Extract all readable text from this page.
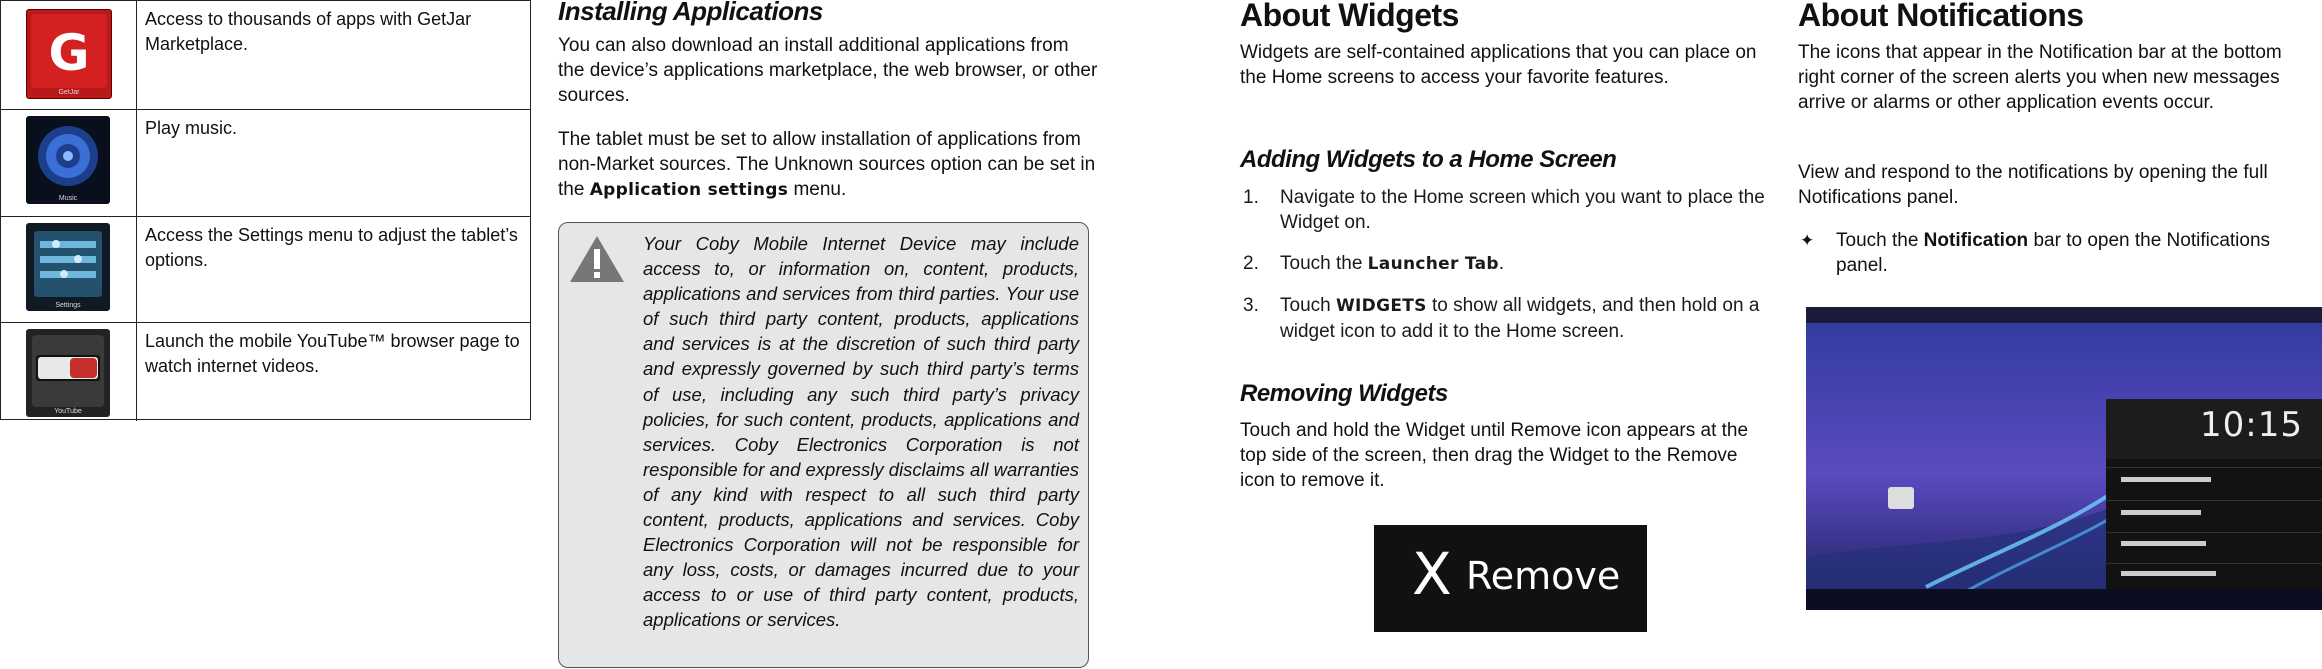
G
GetJar
Access to thousands of apps with GetJar Marketplace.
Music
Play music.
Settings
Access the Settings menu to adjust the tablet’s options.
YouTube
Launch the mobile YouTube™ browser page to watch internet videos.
Installing Applications

You can also download an install additional applications from the device’s applications marketplace, the web browser, or other sources.

The tablet must be set to allow installation of applications from non-Market sources. The Unknown sources option can be set in the Application settings menu.

Your Coby Mobile Internet Device may include access to, or information on, content, products, applications and services from third parties. Your use of such third party content, products, applications and services is at the discretion of such third party and expressly governed by such third party’s terms of use, including any such third party’s privacy policies, for such content, products, applications and services. Coby Electronics Corporation is not responsible for and expressly disclaims all warranties of any kind with respect to all such third party content, products, applications and services. Coby Electronics Corporation will not be responsible for any loss, costs, or damages incurred due to your access to or use of third party content, products, applications or services.

About Widgets

Widgets are self-contained applications that you can place on the Home screens to access your favorite features.

Adding Widgets to a Home Screen
1. Navigate to the Home screen which you want to place the Widget on.
2. Touch the Launcher Tab.
3. Touch WIDGETS to show all widgets, and then hold on a widget icon to add it to the Home screen.
Removing Widgets

Touch and hold the Widget until Remove icon appears at the top side of the screen, then drag the Widget to the Remove icon to remove it.

X Remove
About Notifications

The icons that appear in the Notification bar at the bottom right corner of the screen alerts you when new messages arrive or alarms or other application events occur.

View and respond to the notifications by opening the full Notifications panel.

✦ Touch the Notification bar to open the Notifications panel.
10:15
